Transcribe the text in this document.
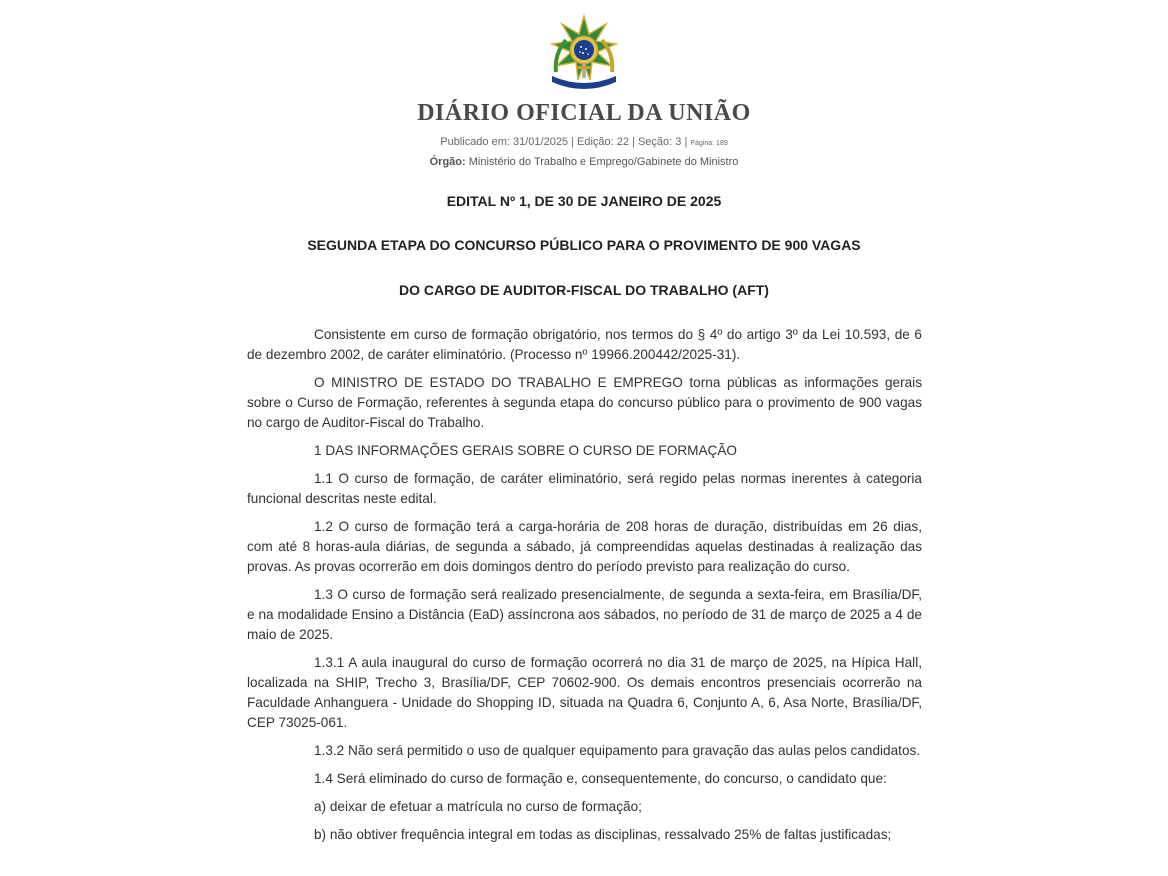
DIÁRIO OFICIAL DA UNIÃO
Publicado em: 31/01/2025 | Edição: 22 | Seção: 3 | Página: 189
Órgão: Ministério do Trabalho e Emprego/Gabinete do Ministro
EDITAL Nº 1, DE 30 DE JANEIRO DE 2025
SEGUNDA ETAPA DO CONCURSO PÚBLICO PARA O PROVIMENTO DE 900 VAGAS
DO CARGO DE AUDITOR-FISCAL DO TRABALHO (AFT)

Consistente em curso de formação obrigatório, nos termos do § 4º do artigo 3º da Lei 10.593, de 6 de dezembro 2002, de caráter eliminatório. (Processo nº 19966.200442/2025-31).

O MINISTRO DE ESTADO DO TRABALHO E EMPREGO torna públicas as informações gerais sobre o Curso de Formação, referentes à segunda etapa do concurso público para o provimento de 900 vagas no cargo de Auditor-Fiscal do Trabalho.

1 DAS INFORMAÇÕES GERAIS SOBRE O CURSO DE FORMAÇÃO

1.1 O curso de formação, de caráter eliminatório, será regido pelas normas inerentes à categoria funcional descritas neste edital.

1.2 O curso de formação terá a carga-horária de 208 horas de duração, distribuídas em 26 dias, com até 8 horas-aula diárias, de segunda a sábado, já compreendidas aquelas destinadas à realização das provas. As provas ocorrerão em dois domingos dentro do período previsto para realização do curso.

1.3 O curso de formação será realizado presencialmente, de segunda a sexta-feira, em Brasília/DF, e na modalidade Ensino a Distância (EaD) assíncrona aos sábados, no período de 31 de março de 2025 a 4 de maio de 2025.

1.3.1 A aula inaugural do curso de formação ocorrerá no dia 31 de março de 2025, na Hípica Hall, localizada na SHIP, Trecho 3, Brasília/DF, CEP 70602-900. Os demais encontros presenciais ocorrerão na Faculdade Anhanguera - Unidade do Shopping ID, situada na Quadra 6, Conjunto A, 6, Asa Norte, Brasília/DF, CEP 73025-061.

1.3.2 Não será permitido o uso de qualquer equipamento para gravação das aulas pelos candidatos.

1.4 Será eliminado do curso de formação e, consequentemente, do concurso, o candidato que:

a) deixar de efetuar a matrícula no curso de formação;

b) não obtiver frequência integral em todas as disciplinas, ressalvado 25% de faltas justificadas;
